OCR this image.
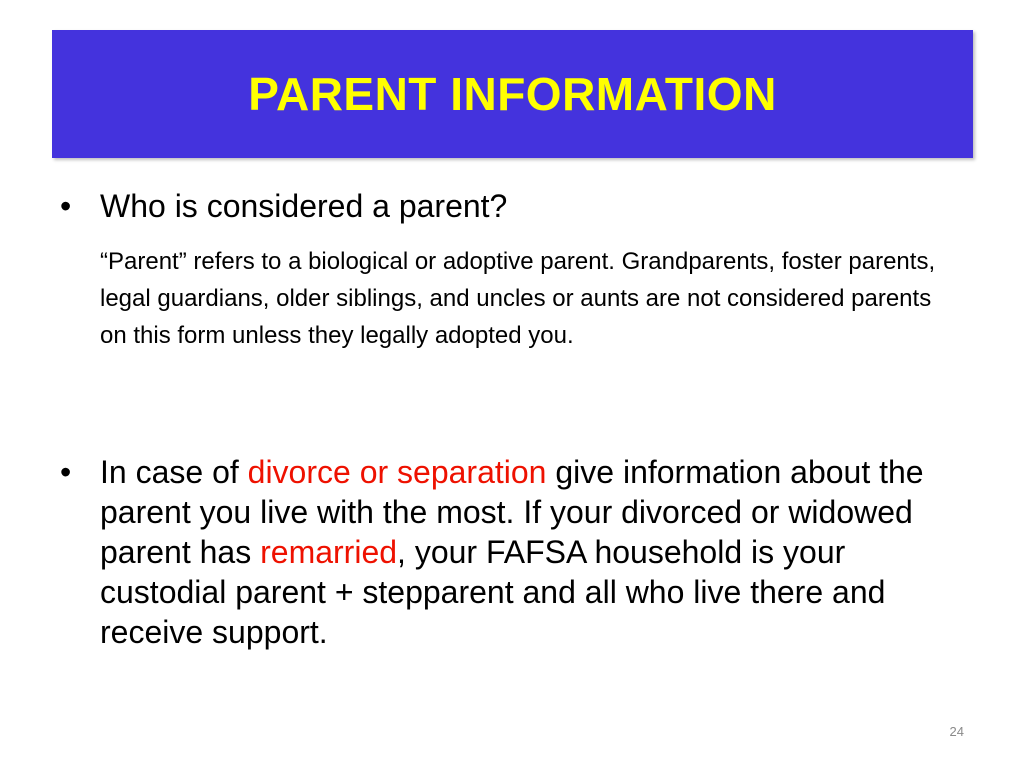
PARENT INFORMATION
• Who is considered a parent?
“Parent” refers to a biological or adoptive parent. Grandparents, foster parents, legal guardians, older siblings, and uncles or aunts are not considered parents on this form unless they legally adopted you.
• In case of divorce or separation give information about the parent you live with the most. If your divorced or widowed parent has remarried, your FAFSA household is your custodial parent + stepparent and all who live there and receive support.
24
